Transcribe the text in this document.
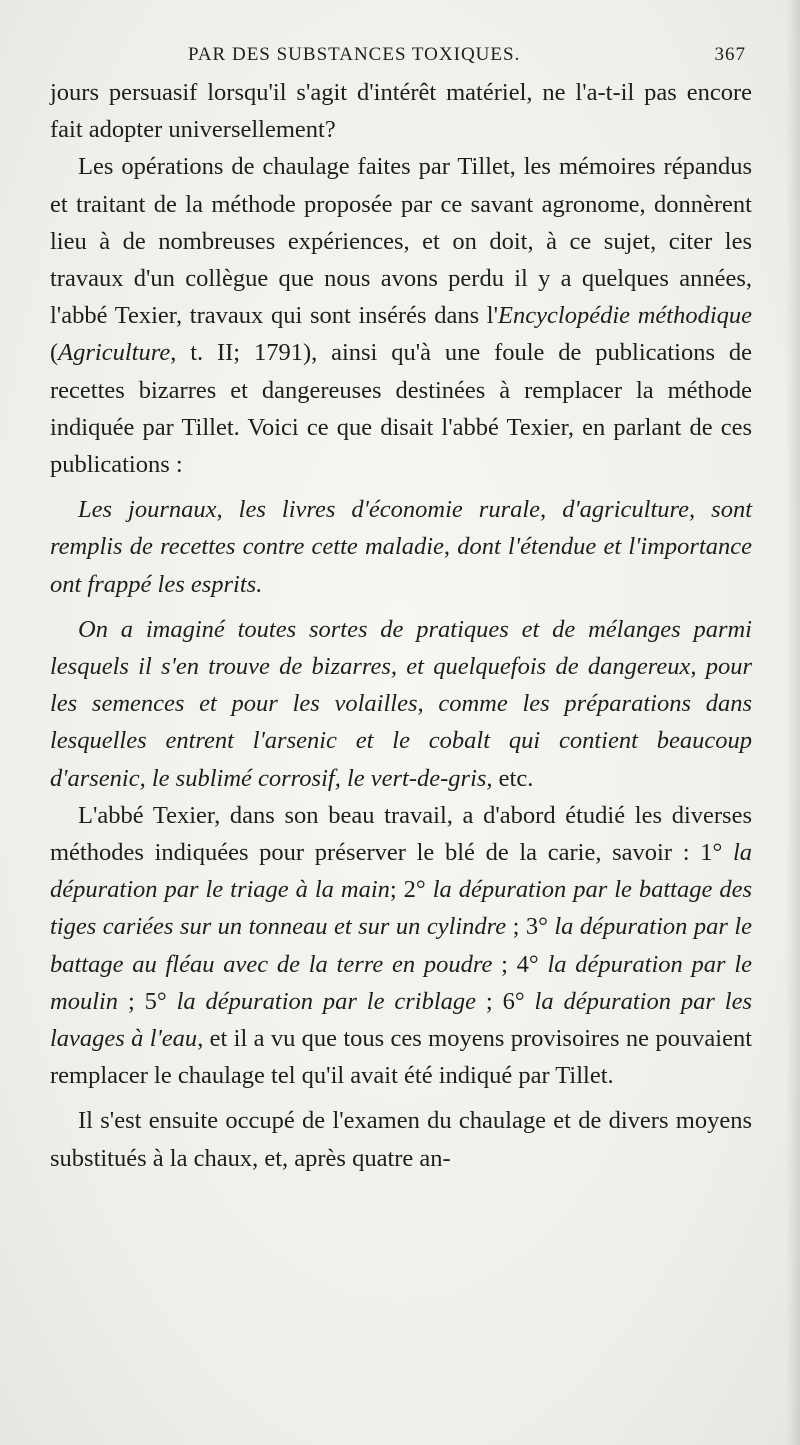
PAR DES SUBSTANCES TOXIQUES.	367

jours persuasif lorsqu'il s'agit d'intérêt matériel, ne l'a-t-il pas encore fait adopter universellement?

Les opérations de chaulage faites par Tillet, les mémoires répandus et traitant de la méthode proposée par ce savant agronome, donnèrent lieu à de nombreuses expériences, et on doit, à ce sujet, citer les travaux d'un collègue que nous avons perdu il y a quelques années, l'abbé Texier, travaux qui sont insérés dans l'Encyclopédie méthodique (Agriculture, t. II; 1791), ainsi qu'à une foule de publications de recettes bizarres et dangereuses destinées à remplacer la méthode indiquée par Tillet. Voici ce que disait l'abbé Texier, en parlant de ces publications :

Les journaux, les livres d'économie rurale, d'agriculture, sont remplis de recettes contre cette maladie, dont l'étendue et l'importance ont frappé les esprits.

On a imaginé toutes sortes de pratiques et de mélanges parmi lesquels il s'en trouve de bizarres, et quelquefois de dangereux, pour les semences et pour les volailles, comme les préparations dans lesquelles entrent l'arsenic et le cobalt qui contient beaucoup d'arsenic, le sublimé corrosif, le vert-de-gris, etc.

L'abbé Texier, dans son beau travail, a d'abord étudié les diverses méthodes indiquées pour préserver le blé de la carie, savoir : 1° la dépuration par le triage à la main; 2° la dépuration par le battage des tiges cariées sur un tonneau et sur un cylindre ; 3° la dépuration par le battage au fléau avec de la terre en poudre ; 4° la dépuration par le moulin ; 5° la dépuration par le criblage ; 6° la dépuration par les lavages à l'eau, et il a vu que tous ces moyens provisoires ne pouvaient remplacer le chaulage tel qu'il avait été indiqué par Tillet.

Il s'est ensuite occupé de l'examen du chaulage et de divers moyens substitués à la chaux, et, après quatre an-
